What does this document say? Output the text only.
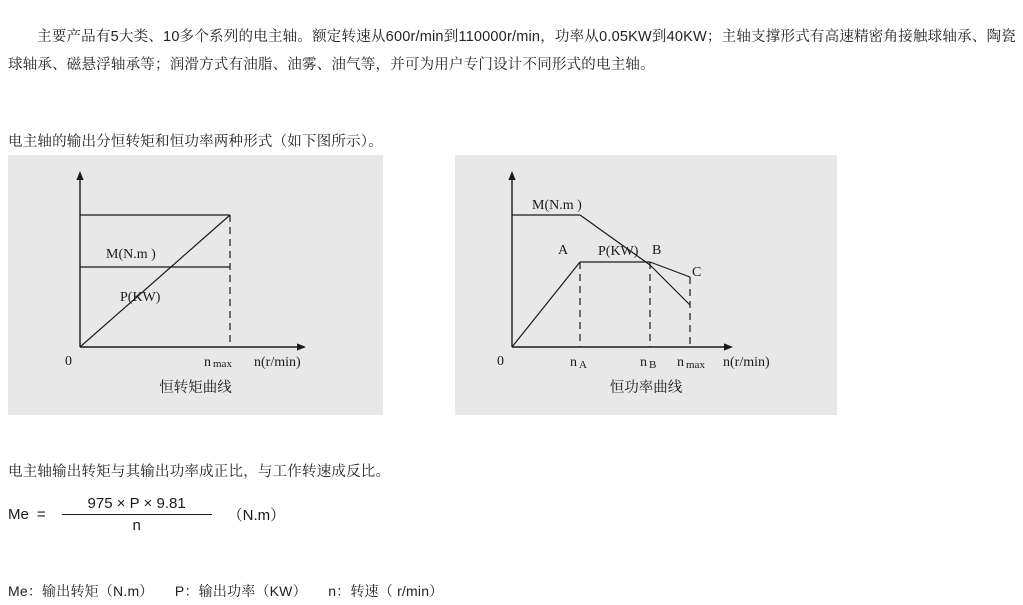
主要产品有5大类、10多个系列的电主轴。额定转速从600r/min到110000r/min，功率从0.05KW到40KW；主轴支撑形式有高速精密角接触球轴承、陶瓷球轴承、磁悬浮轴承等；润滑方式有油脂、油雾、油气等，并可为用户专门设计不同形式的电主轴。

电主轴的输出分恒转矩和恒功率两种形式（如下图所示）。

M(N.m )
P(KW)
0	n max n(r/min)
恒转矩曲线
M(N.m )
P(KW)
A	B
C
0	n A	n B n max n(r/min)
恒功率曲线

电主轴输出转矩与其输出功率成正比，与工作转速成反比。

$Me = \frac{975 \times P \times 9.81}{n} (N.m)$

Me：输出转矩（N.m）　　P：输出功率（KW）　　n：转速（ r/min）
